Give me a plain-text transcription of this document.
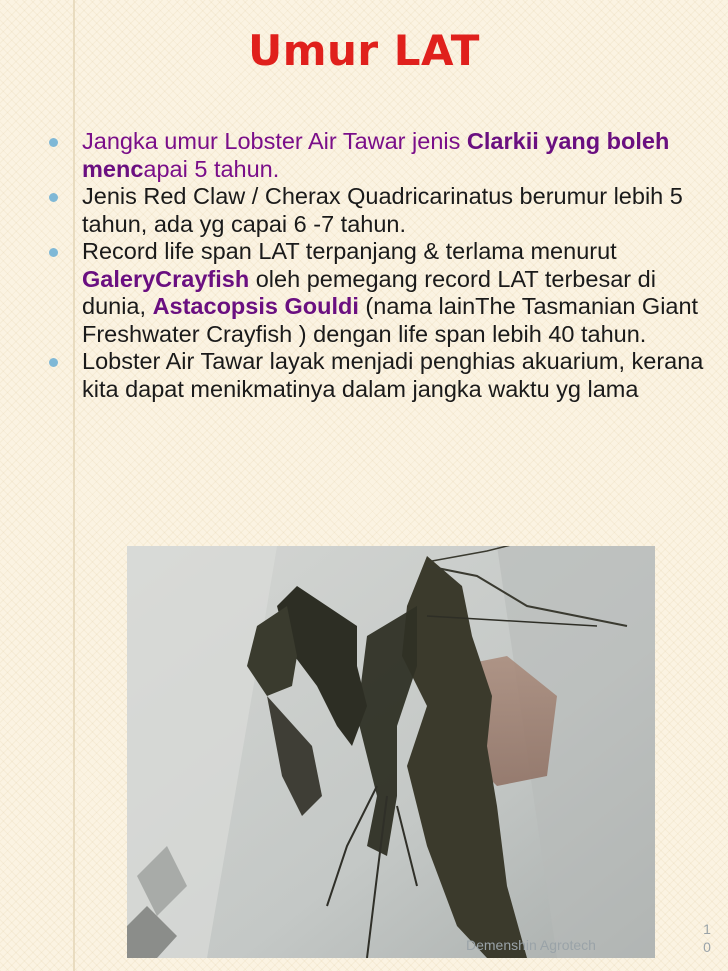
Umur LAT
Jangka umur Lobster Air Tawar jenis Clarkii yang boleh mencapai 5 tahun.
Jenis Red Claw / Cherax Quadricarinatus berumur lebih 5 tahun, ada yg capai 6 -7 tahun.
Record life span LAT terpanjang & terlama menurut GaleryCrayfish oleh pemegang record LAT terbesar di dunia, Astacopsis Gouldi (nama lainThe Tasmanian Giant Freshwater Crayfish ) dengan life span lebih 40 tahun.
Lobster Air Tawar layak menjadi penghias akuarium, kerana kita dapat menikmatinya dalam jangka waktu yg lama
Demenshin Agrotech
1
0
